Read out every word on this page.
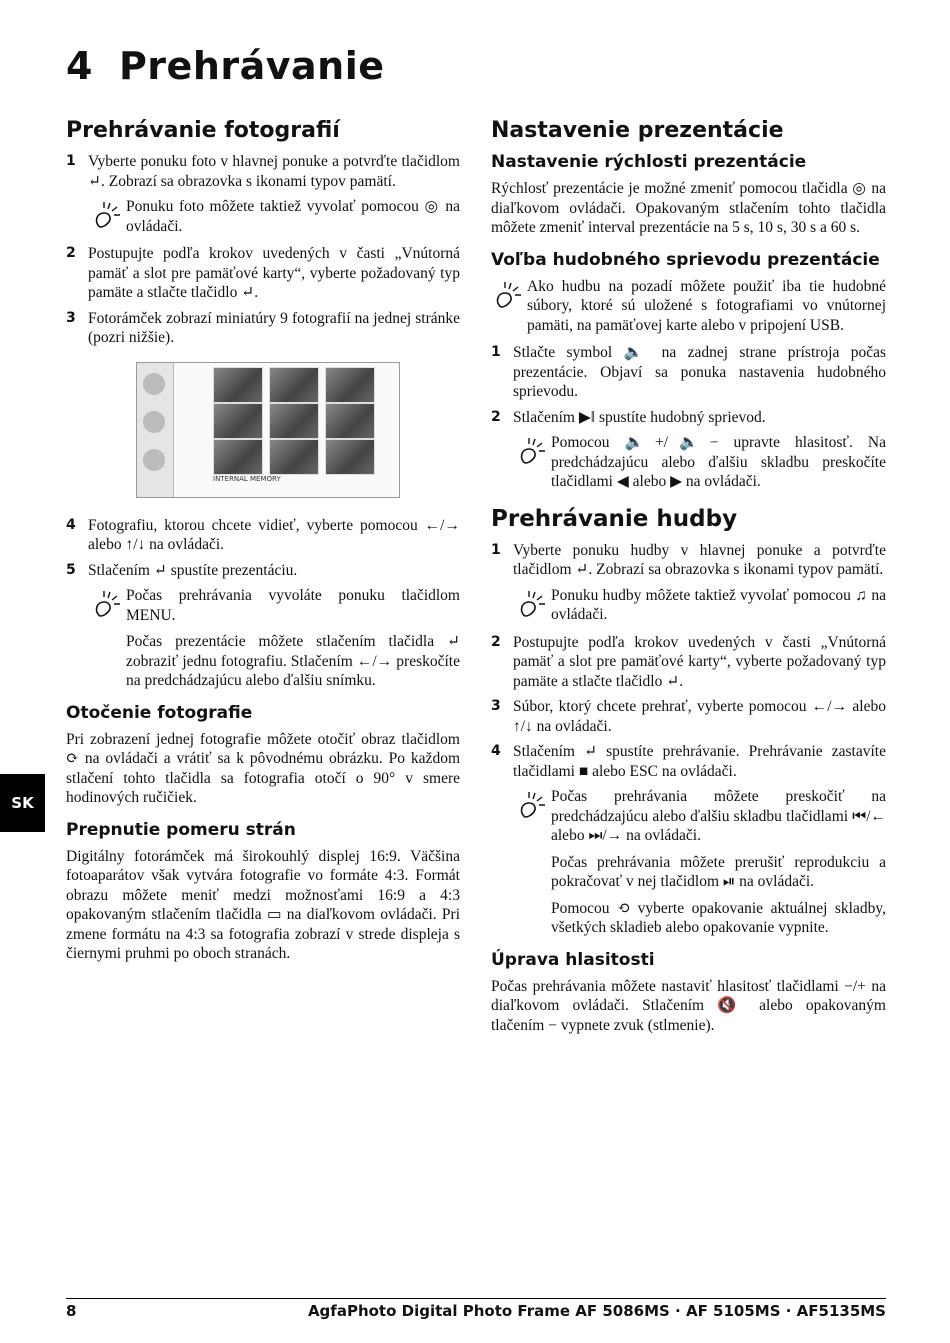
4 Prehrávanie
Prehrávanie fotografií
1 Vyberte ponuku foto v hlavnej ponuke a potvrďte tlačidlom ↵. Zobrazí sa obrazovka s ikonami typov pamätí.

Ponuku foto môžete taktiež vyvolať pomocou ◎ na ovládači.

2 Postupujte podľa krokov uvedených v časti „Vnútorná pamäť a slot pre pamäťové karty“, vyberte požadovaný typ pamäte a stlačte tlačidlo ↵.

3 Fotorámček zobrazí miniatúry 9 fotografií na jednej stránke (pozri nižšie).

INTERNAL MEMORY
4 Fotografiu, ktorou chcete vidieť, vyberte pomocou ←/→ alebo ↑/↓ na ovládači.

5 Stlačením ↵ spustíte prezentáciu.

Počas prehrávania vyvoláte ponuku tlačidlom MENU.

Počas prezentácie môžete stlačením tlačidla ↵ zobraziť jednu fotografiu. Stlačením ←/→ preskočíte na predchádzajúcu alebo ďalšiu snímku.

Otočenie fotografie

Pri zobrazení jednej fotografie môžete otočiť obraz tlačidlom ⟳ na ovládači a vrátiť sa k pôvodnému obrázku. Po každom stlačení tohto tlačidla sa fotografia otočí o 90° v smere hodinových ručičiek.

Prepnutie pomeru strán

Digitálny fotorámček má širokouhlý displej 16:9. Väčšina fotoaparátov však vytvára fotografie vo formáte 4:3. Formát obrazu môžete meniť medzi možnosťami 16:9 a 4:3 opakovaným stlačením tlačidla ▭ na diaľkovom ovládači. Pri zmene formátu na 4:3 sa fotografia zobrazí v strede displeja s čiernymi pruhmi po oboch stranách.

Nastavenie prezentácie
Nastavenie rýchlosti prezentácie

Rýchlosť prezentácie je možné zmeniť pomocou tlačidla ◎ na diaľkovom ovládači. Opakovaným stlačením tohto tlačidla môžete zmeniť interval prezentácie na 5 s, 10 s, 30 s a 60 s.

Voľba hudobného sprievodu prezentácie

Ako hudbu na pozadí môžete použiť iba tie hudobné súbory, ktoré sú uložené s fotografiami vo vnútornej pamäti, na pamäťovej karte alebo v pripojení USB.

1 Stlačte symbol 🔈 na zadnej strane prístroja počas prezentácie. Objaví sa ponuka nastavenia hudobného sprievodu.

2 Stlačením ▶‖ spustíte hudobný sprievod.

Pomocou 🔈+/🔈− upravte hlasitosť. Na predchádzajúcu alebo ďalšiu skladbu preskočíte tlačidlami ◀ alebo ▶ na ovládači.

Prehrávanie hudby
1 Vyberte ponuku hudby v hlavnej ponuke a potvrďte tlačidlom ↵. Zobrazí sa obrazovka s ikonami typov pamätí.

Ponuku hudby môžete taktiež vyvolať pomocou ♫ na ovládači.

2 Postupujte podľa krokov uvedených v časti „Vnútorná pamäť a slot pre pamäťové karty“, vyberte požadovaný typ pamäte a stlačte tlačidlo ↵.

3 Súbor, ktorý chcete prehrať, vyberte pomocou ←/→ alebo ↑/↓ na ovládači.

4 Stlačením ↵ spustíte prehrávanie. Prehrávanie zastavíte tlačidlami ■ alebo ESC na ovládači.

Počas prehrávania môžete preskočiť na predchádzajúcu alebo ďalšiu skladbu tlačidlami ⏮/← alebo ⏭/→ na ovládači.

Počas prehrávania môžete prerušiť reprodukciu a pokračovať v nej tlačidlom ⏯ na ovládači.

Pomocou ⟲ vyberte opakovanie aktuálnej skladby, všetkých skladieb alebo opakovanie vypnite.

Úprava hlasitosti

Počas prehrávania môžete nastaviť hlasitosť tlačidlami −/+ na diaľkovom ovládači. Stlačením 🔇 alebo opakovaným tlačením − vypnete zvuk (stlmenie).

SK
8	AgfaPhoto Digital Photo Frame AF 5086MS · AF 5105MS · AF5135MS
